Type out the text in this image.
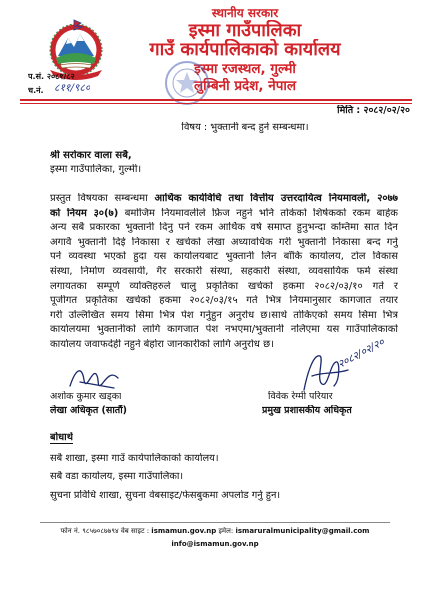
स्थानीय सरकार
इस्मा गाउँपालिका
गाउँ कार्यपालिकाको कार्यालय
इस्मा रजस्थल, गुल्मी
लुम्बिनी प्रदेश, नेपाल
प.सं. २०८१/८२
च.नं. ८११/९८०
मिति : २०८२/०२/२०
विषय : भुक्तानी बन्द हुने सम्बन्धमा।
श्री सरोकार वाला सबै,
इस्मा गाउँपालिका, गुल्मी।
प्रस्तुत विषयका सम्बन्धमा आर्थिक कार्यविधि तथा वित्तीय उत्तरदायित्व नियमावली, २०७७
को नियम ३०(७) बमोजिम नियमावलीले फ्रिज नहुने भनि तोकेको शिर्षकको रकम बाहेक
अन्य सबै प्रकारका भुक्तानी दिनु पर्ने रकम आर्थिक वर्ष समाप्त हुनुभन्दा कम्तिमा सात दिन
अगावै भुक्तानी दिई निकासा र खर्चको लेखा अध्यावधिक गरी भुक्तानी निकासा बन्द गर्नु
पर्ने व्यवस्था भएको हुदा यस कार्यालयबाट भुक्तानी लिन बाँकि कार्यालय, टोल विकास
संस्था, निर्माण व्यवसायी, गैर सरकारी संस्था, सहकारी संस्था, व्यवसायिक फर्म संस्था
लगायतका सम्पूर्ण व्यक्तिहरुले चालु प्रकृतिका खर्चको हकमा २०८२/०३/१० गते र
पूजीगत प्रकृतिका खर्चको हकमा २०८२/०३/१५ गते भित्र नियमानुसार कागजात तयार
गरी उल्लिखित समय सिमा भित्र पेश गर्नुहुन अनुरोध छ।सार्थ तोकिएको समय सिमा भित्र
कार्यालयमा भुक्तानीको लागि कागजात पेश नभएमा/भुक्तानी नलिएमा यस गाउँपालिकाको
कार्यालय जवाफदेही नहुने बेहोरा जानकारीको लागि अनुरोध छ।
अशोक कुमार खड्का
लेखा अधिकृत (सातौं)
२०८२/०२/२०
विवेक रेग्मी परियार
प्रमुख प्रशासकीय अधिकृत
बोधार्थ
सबै शाखा, इस्मा गाउँ कार्यपालिकाको कार्यालय।
सबै वडा कार्यालय, इस्मा गाउँपालिका।
सुचना प्रविधि शाखा, सुचना वेबसाइट/फेसबुकमा अपलोड गर्नु हुन।
फोन नं. ९८५७०८७७९४ वेब साइट : ismamun.gov.np इमेल: ismaruralmunicipality@gmail.com
info@ismamun.gov.np
